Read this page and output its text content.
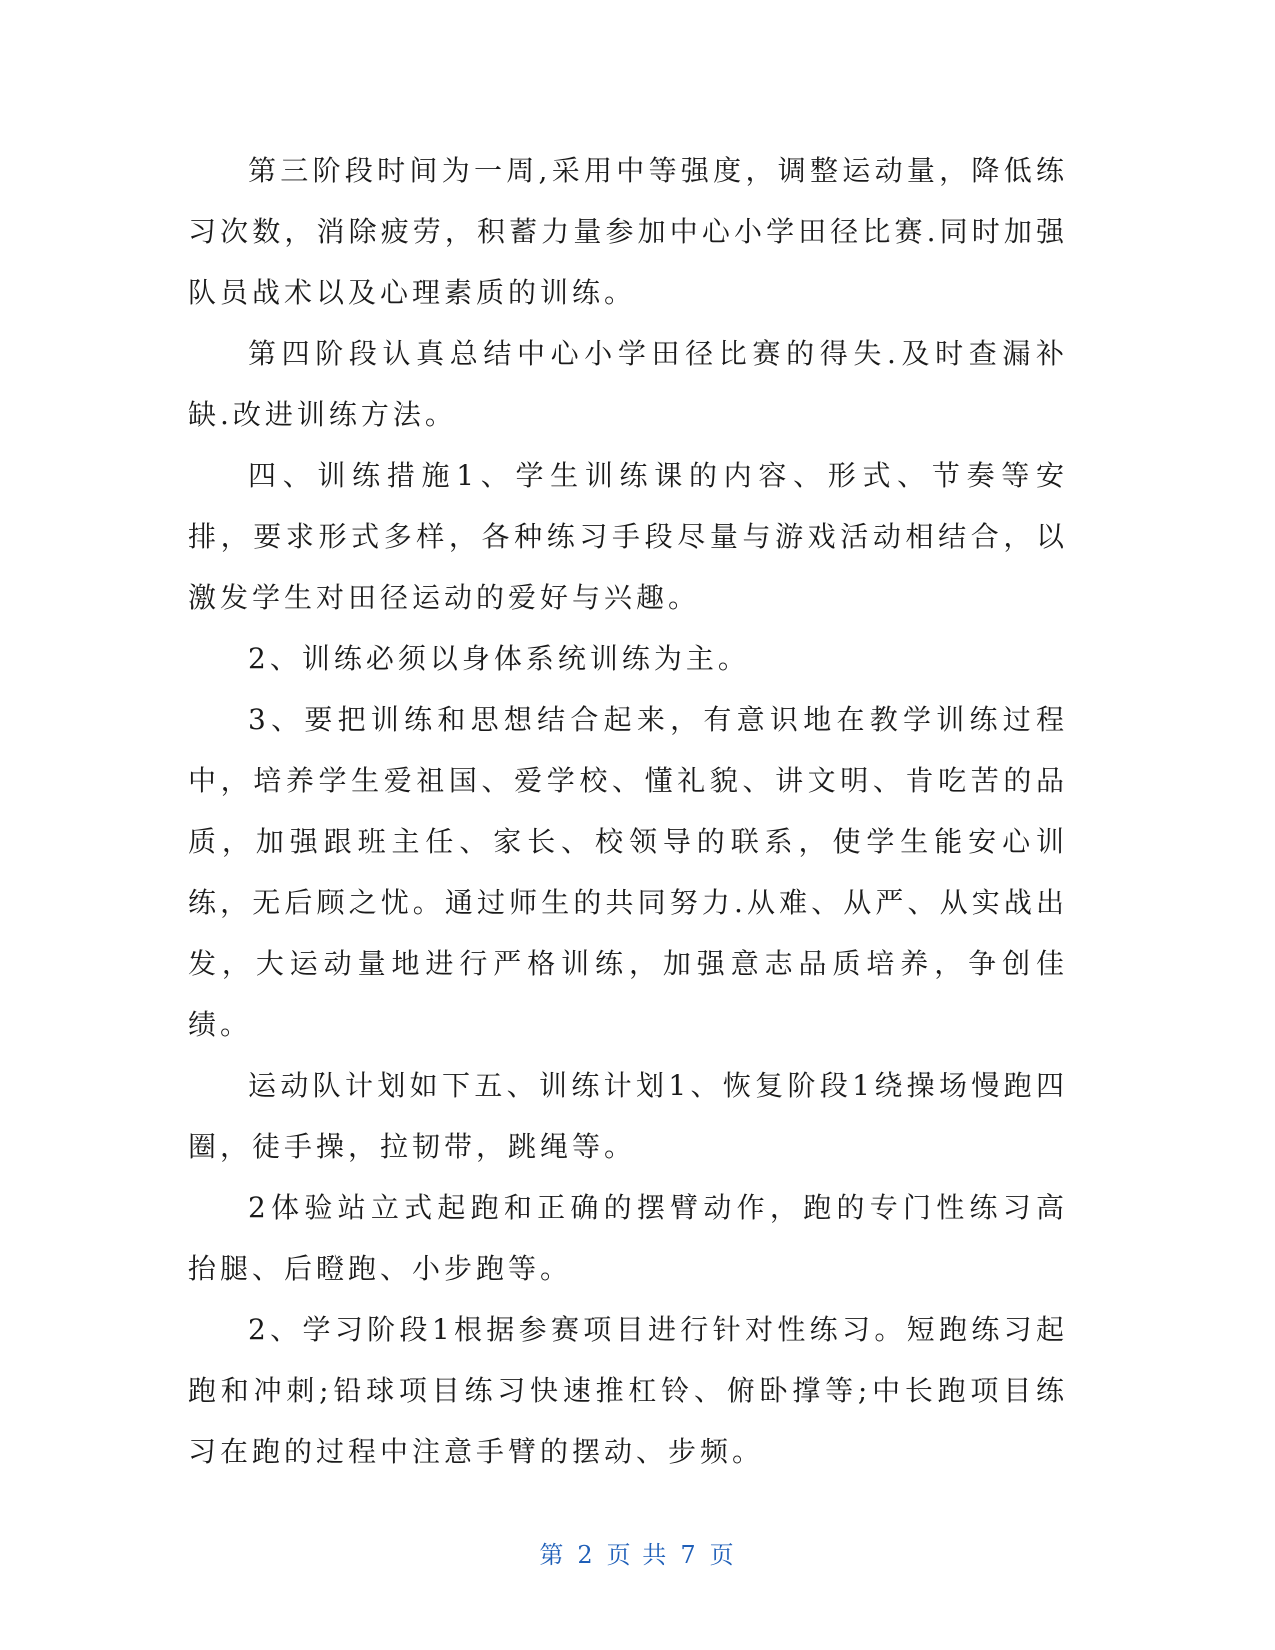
第三阶段时间为一周,采用中等强度，调整运动量，降低练习次数，消除疲劳，积蓄力量参加中心小学田径比赛.同时加强队员战术以及心理素质的训练。

第四阶段认真总结中心小学田径比赛的得失.及时查漏补缺.改进训练方法。

四、训练措施1、学生训练课的内容、形式、节奏等安排，要求形式多样，各种练习手段尽量与游戏活动相结合，以激发学生对田径运动的爱好与兴趣。

2、训练必须以身体系统训练为主。

3、要把训练和思想结合起来，有意识地在教学训练过程中，培养学生爱祖国、爱学校、懂礼貌、讲文明、肯吃苦的品质，加强跟班主任、家长、校领导的联系，使学生能安心训练，无后顾之忧。通过师生的共同努力.从难、从严、从实战出发，大运动量地进行严格训练，加强意志品质培养，争创佳绩。

运动队计划如下五、训练计划1、恢复阶段1绕操场慢跑四圈，徒手操，拉韧带，跳绳等。

2体验站立式起跑和正确的摆臂动作，跑的专门性练习高抬腿、后瞪跑、小步跑等。

2、学习阶段1根据参赛项目进行针对性练习。短跑练习起跑和冲刺;铅球项目练习快速推杠铃、俯卧撑等;中长跑项目练习在跑的过程中注意手臂的摆动、步频。

第 2 页 共 7 页
